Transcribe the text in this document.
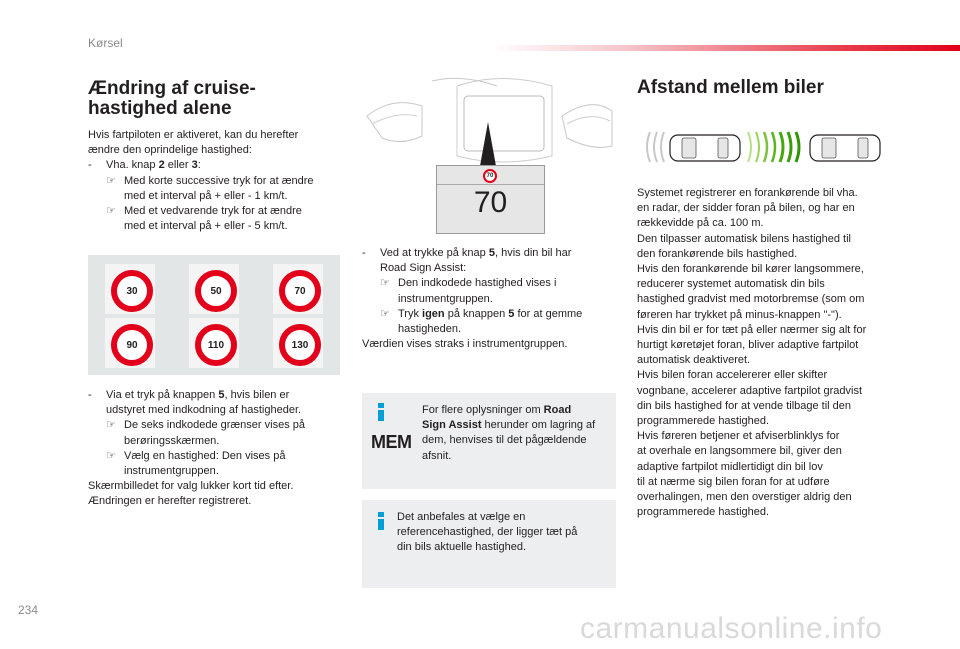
Kørsel
Ændring af cruise-
hastighed alene

Hvis fartpiloten er aktiveret, kan du herefter

ændre den oprindelige hastighed:

- Vha. knap 2 eller 3:

☞ Med korte successive tryk for at ændre

med et interval på + eller - 1 km/t.

☞ Med et vedvarende tryk for at ændre

med et interval på + eller - 5 km/t.

30	50	70
90	110	130

- Via et tryk på knappen 5, hvis bilen er

udstyret med indkodning af hastigheder.

☞ De seks indkodede grænser vises på

berøringsskærmen.

☞ Vælg en hastighed: Den vises på

instrumentgruppen.

Skærmbilledet for valg lukker kort tid efter.

Ændringen er herefter registreret.

70
70

- Ved at trykke på knap 5, hvis din bil har

Road Sign Assist:

☞ Den indkodede hastighed vises i

instrumentgruppen.

☞ Tryk igen på knappen 5 for at gemme

hastigheden.

Værdien vises straks i instrumentgruppen.

MEM
For flere oplysninger om Road
Sign Assist herunder om lagring af
dem, henvises til det pågældende
afsnit.
Det anbefales at vælge en
referencehastighed, der ligger tæt på
din bils aktuelle hastighed.
Afstand mellem biler

Systemet registrerer en forankørende bil vha.

en radar, der sidder foran på bilen, og har en

rækkevidde på ca. 100 m.

Den tilpasser automatisk bilens hastighed til

den forankørende bils hastighed.

Hvis den forankørende bil kører langsommere,

reducerer systemet automatisk din bils

hastighed gradvist med motorbremse (som om

føreren har trykket på minus-knappen "-").

Hvis din bil er for tæt på eller nærmer sig alt for

hurtigt køretøjet foran, bliver adaptive fartpilot

automatisk deaktiveret.

Hvis bilen foran accelererer eller skifter

vognbane, accelerer adaptive fartpilot gradvist

din bils hastighed for at vende tilbage til den

programmerede hastighed.

Hvis føreren betjener et afviserblinklys for

at overhale en langsommere bil, giver den

adaptive fartpilot midlertidigt din bil lov

til at nærme sig bilen foran for at udføre

overhalingen, men den overstiger aldrig den

programmerede hastighed.

234
carmanualsonline.info
